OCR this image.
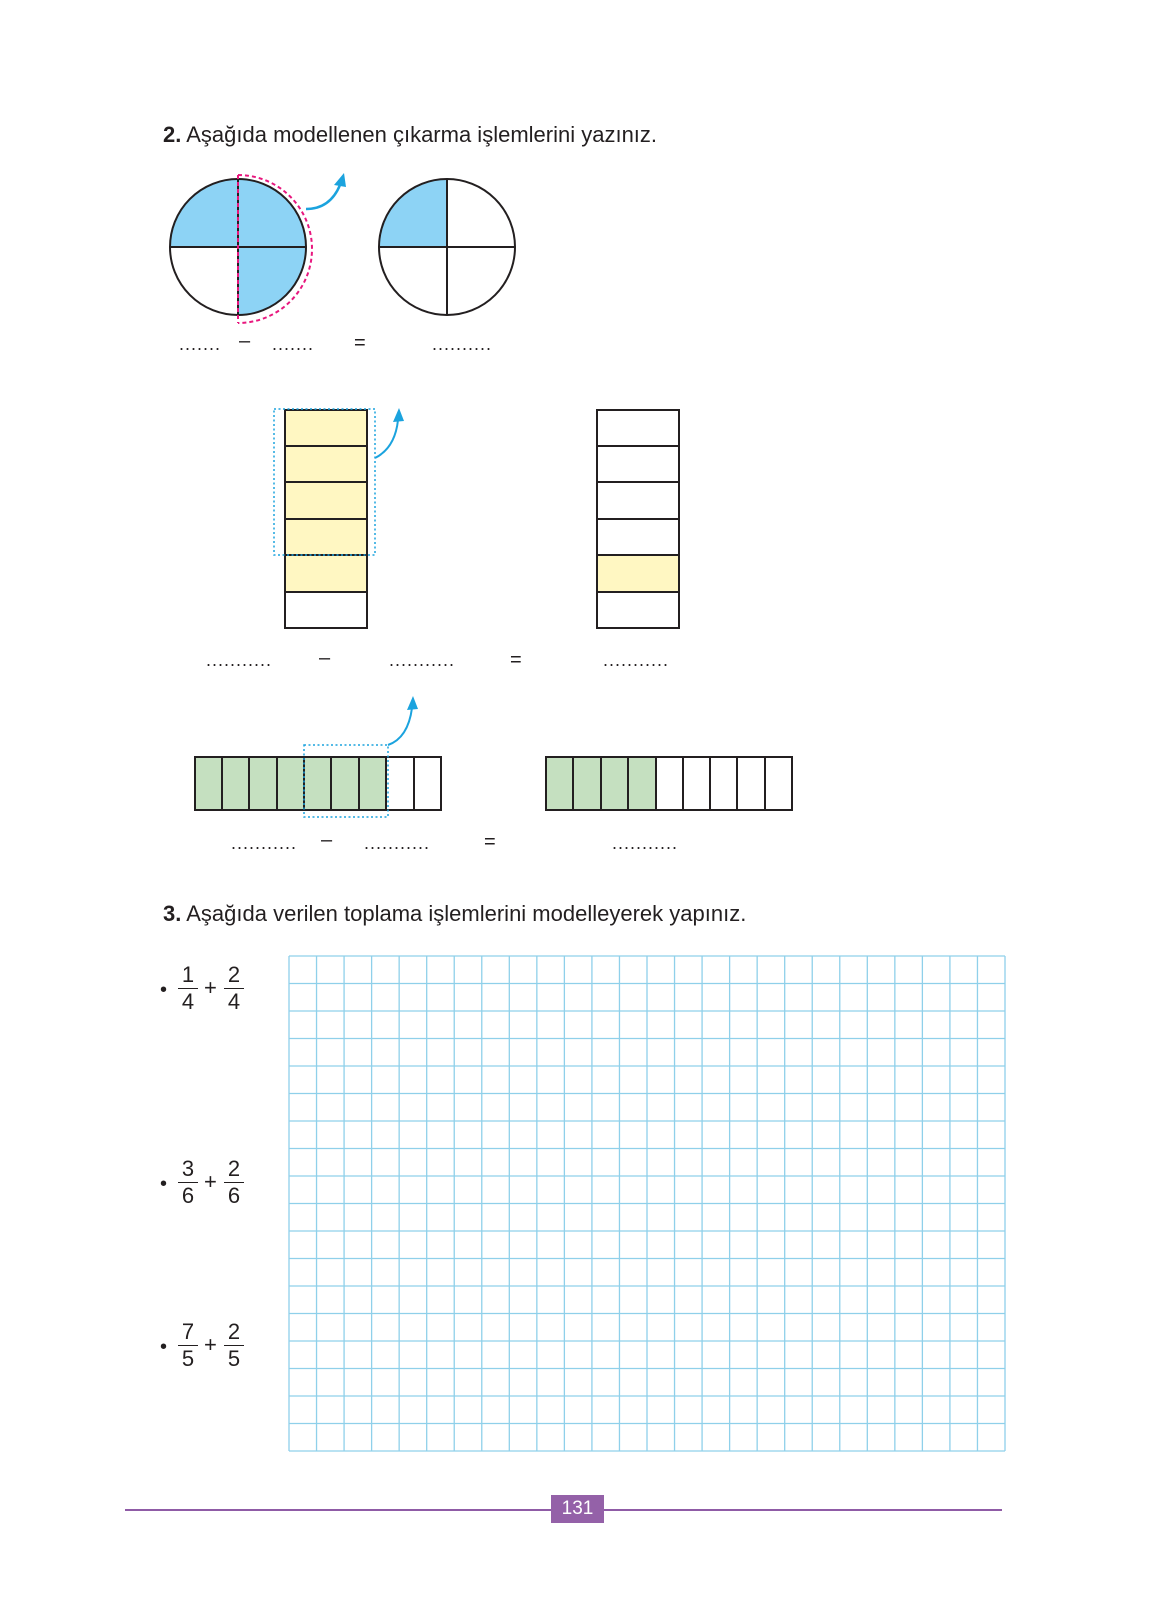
2. Aşağıda modellenen çıkarma işlemlerini yazınız.
....... – ....... =	..........
........... –	...........	=	...........
........... – ...........	=	...........
3. Aşağıda verilen toplama işlemlerini modelleyerek yapınız.
•
1
4
+
2
4
•
3
6
+
2
6
•
7
5
+
2
5
131
